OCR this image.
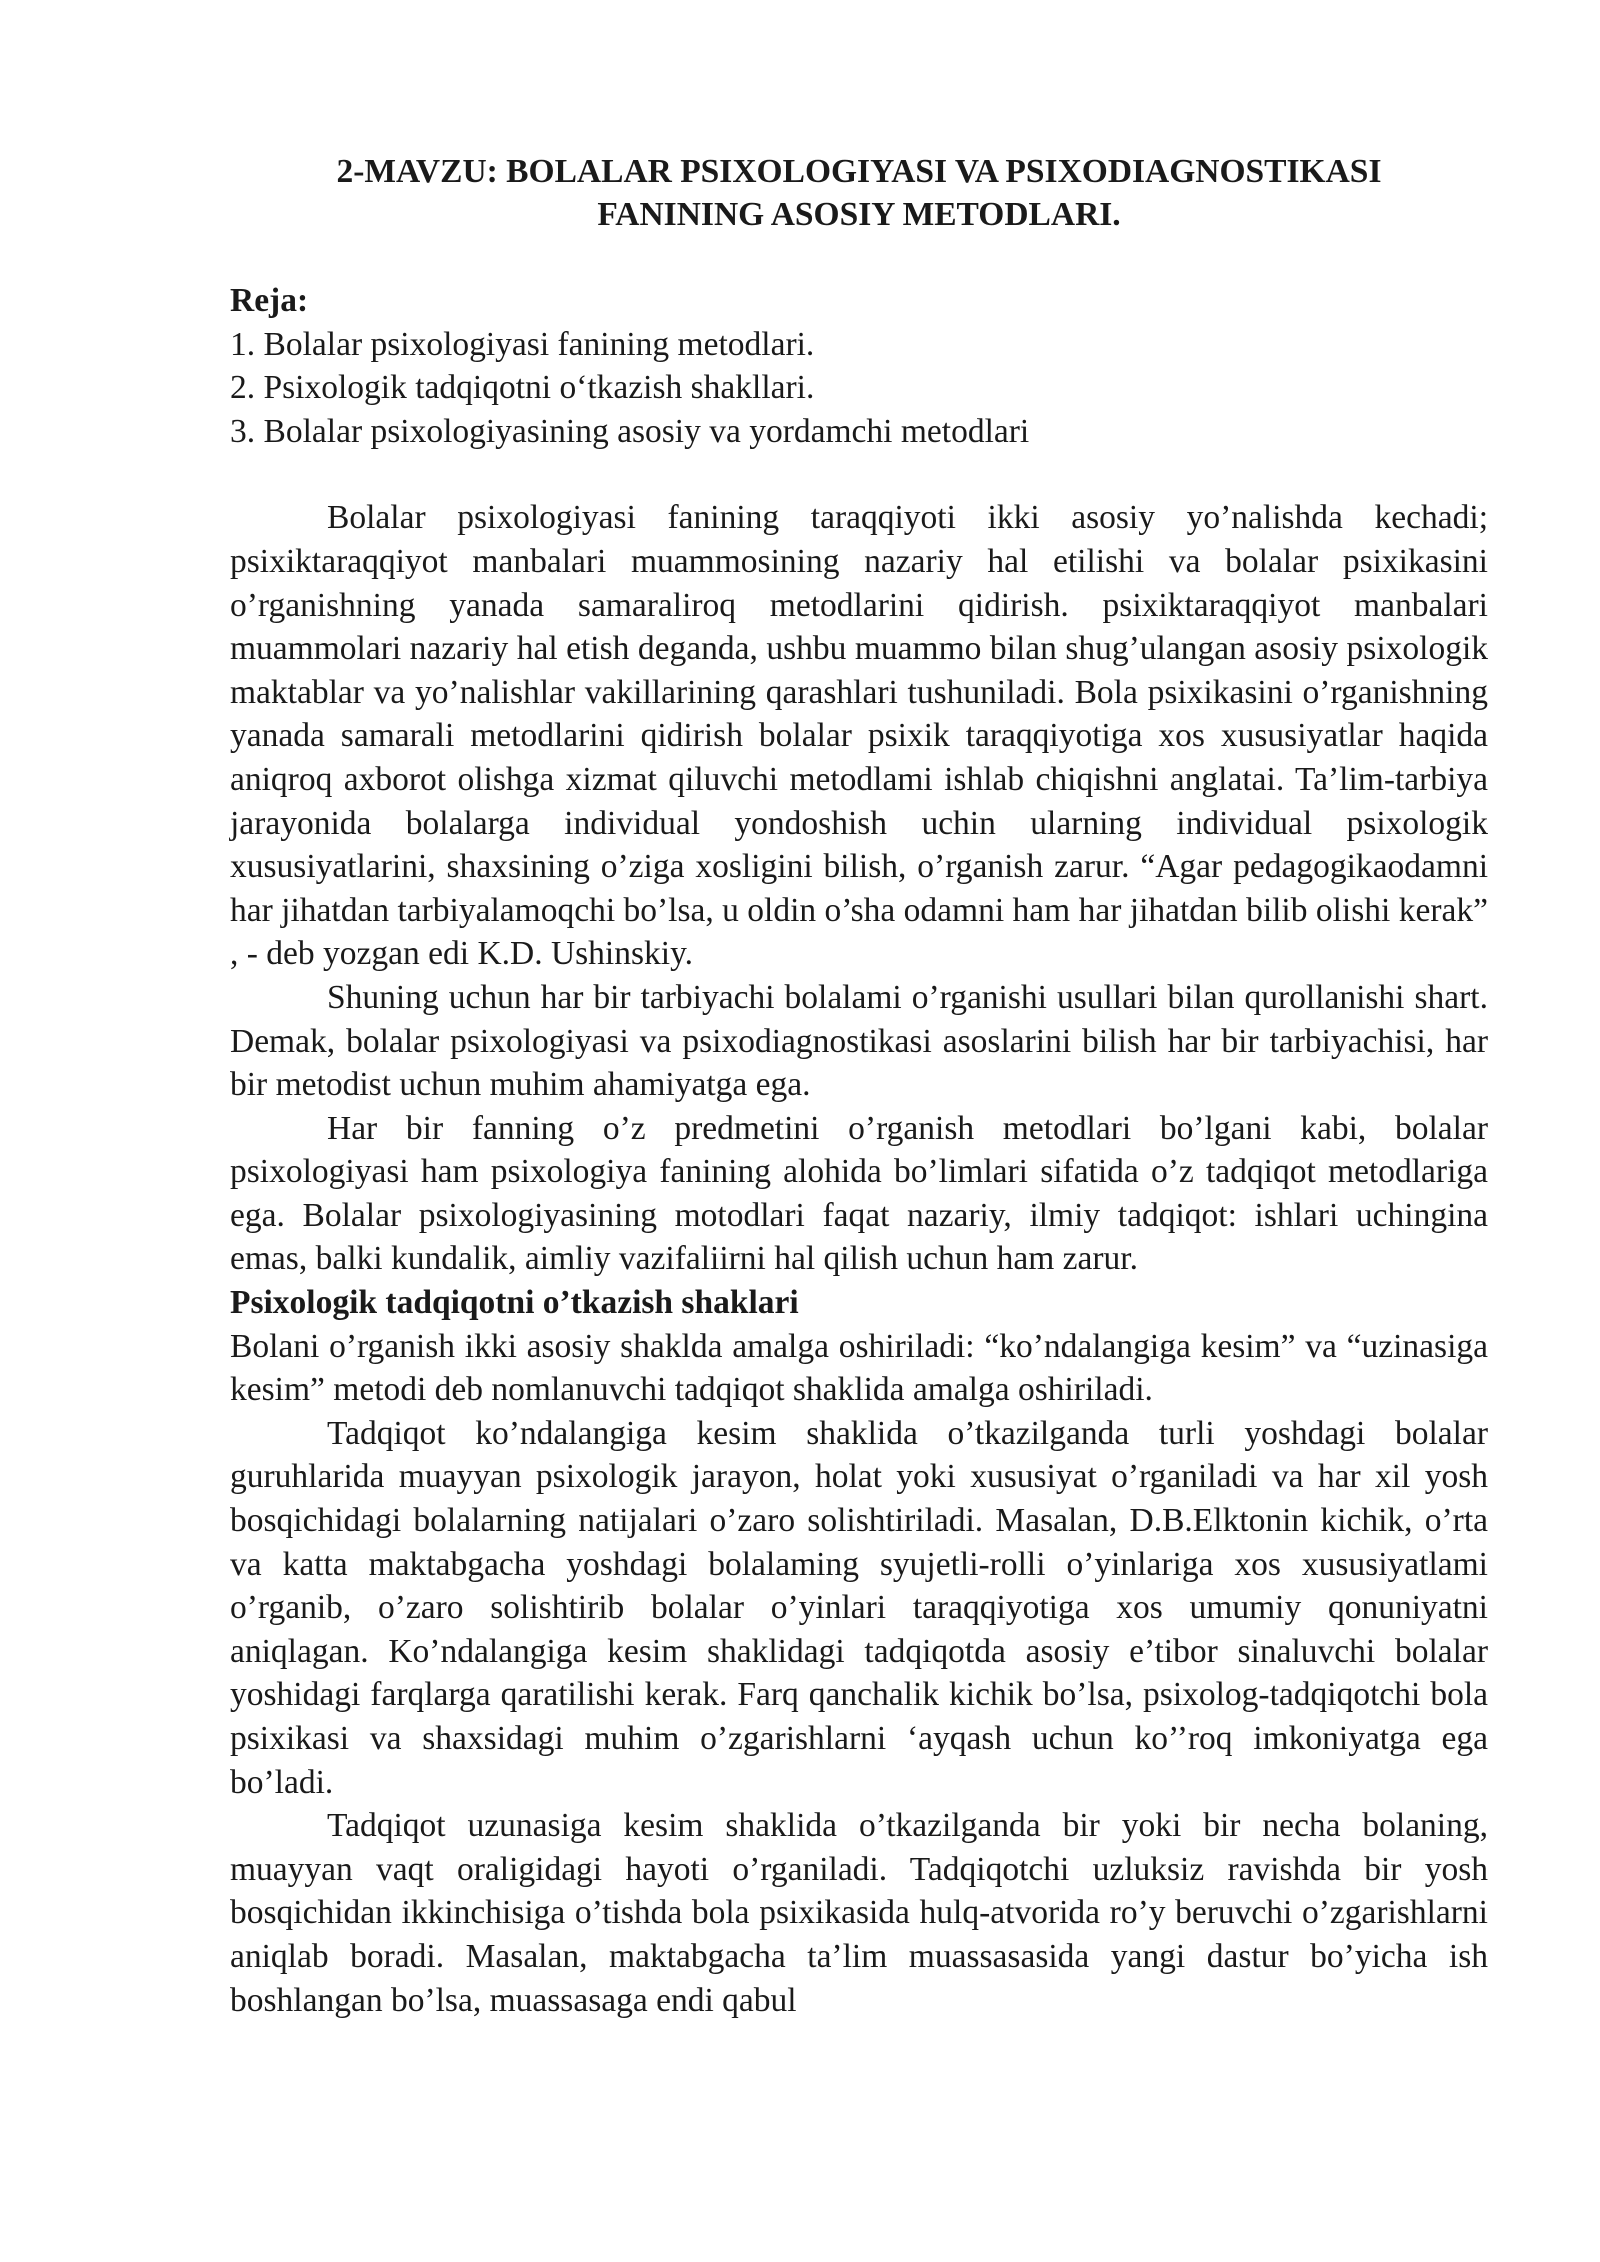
2-MAVZU: BOLALAR PSIXOLOGIYASI VA PSIXODIAGNOSTIKASI
FANINING ASOSIY METODLARI.
Reja:
1. Bolalar psixologiyasi fanining metodlari.
2. Psixologik tadqiqotni o‘tkazish shakllari.
3. Bolalar psixologiyasining asosiy va yordamchi metodlari

Bolalar psixologiyasi fanining taraqqiyoti ikki asosiy yo’nalishda kechadi; psixiktaraqqiyot manbalari muammosining nazariy hal etilishi va bolalar psixikasini o’rganishning yanada samaraliroq metodlarini qidirish. psixiktaraqqiyot manbalari muammolari nazariy hal etish deganda, ushbu muammo bilan shug’ulangan asosiy psixologik maktablar va yo’nalishlar vakillarining qarashlari tushuniladi. Bola psixikasini o’rganishning yanada samarali metodlarini qidirish bolalar psixik taraqqiyotiga xos xususiyatlar haqida aniqroq axborot olishga xizmat qiluvchi metodlami ishlab chiqishni anglatai. Ta’lim-tarbiya jarayonida bolalarga individual yondoshish uchin ularning individual psixologik xususiyatlarini, shaxsining o’ziga xosligini bilish, o’rganish zarur. “Agar pedagogikaodamni har jihatdan tarbiyalamoqchi bo’lsa, u oldin o’sha odamni ham har jihatdan bilib olishi kerak” , - deb yozgan edi K.D. Ushinskiy.

Shuning uchun har bir tarbiyachi bolalami o’rganishi usullari bilan qurollanishi shart. Demak, bolalar psixologiyasi va psixodiagnostikasi asoslarini bilish har bir tarbiyachisi, har bir metodist uchun muhim ahamiyatga ega.

Har bir fanning o’z predmetini o’rganish metodlari bo’lgani kabi, bolalar psixologiyasi ham psixologiya fanining alohida bo’limlari sifatida o’z tadqiqot metodlariga ega. Bolalar psixologiyasining motodlari faqat nazariy, ilmiy tadqiqot: ishlari uchingina emas, balki kundalik, aimliy vazifaliirni hal qilish uchun ham zarur.

Psixologik tadqiqotni o’tkazish shaklari

Bolani o’rganish ikki asosiy shaklda amalga oshiriladi: “ko’ndalangiga kesim” va “uzinasiga kesim” metodi deb nomlanuvchi tadqiqot shaklida amalga oshiriladi.

Tadqiqot ko’ndalangiga kesim shaklida o’tkazilganda turli yoshdagi bolalar guruhlarida muayyan psixologik jarayon, holat yoki xususiyat o’rganiladi va har xil yosh bosqichidagi bolalarning natijalari o’zaro solishtiriladi. Masalan, D.B.Elktonin kichik, o’rta va katta maktabgacha yoshdagi bolalaming syujetli-rolli o’yinlariga xos xususiyatlami o’rganib, o’zaro solishtirib bolalar o’yinlari taraqqiyotiga xos umumiy qonuniyatni aniqlagan. Ko’ndalangiga kesim shaklidagi tadqiqotda asosiy e’tibor sinaluvchi bolalar yoshidagi farqlarga qaratilishi kerak. Farq qanchalik kichik bo’lsa, psixolog-tadqiqotchi bola psixikasi va shaxsidagi muhim o’zgarishlarni ‘ayqash uchun ko’’roq imkoniyatga ega bo’ladi.

Tadqiqot uzunasiga kesim shaklida o’tkazilganda bir yoki bir necha bolaning, muayyan vaqt oraligidagi hayoti o’rganiladi. Tadqiqotchi uzluksiz ravishda bir yosh bosqichidan ikkinchisiga o’tishda bola psixikasida hulq-atvorida ro’y beruvchi o’zgarishlarni aniqlab boradi. Masalan, maktabgacha ta’lim muassasasida yangi dastur bo’yicha ish boshlangan bo’lsa, muassasaga endi qabul
